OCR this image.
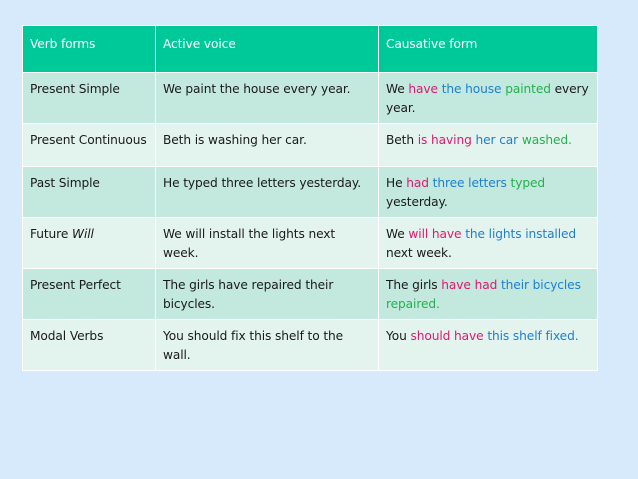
Verb forms	Active voice	Causative form
Present Simple	We paint the house every year.	We have the house painted every year.
Present Continuous	Beth is washing her car.	Beth is having her car washed.
Past Simple	He typed three letters yesterday.	He had three letters typed yesterday.
Future Will	We will install the lights next week.	We will have the lights installed next week.
Present Perfect	The girls have repaired their bicycles.	The girls have had their bicycles repaired.
Modal Verbs	You should fix this shelf to the wall.	You should have this shelf fixed.
